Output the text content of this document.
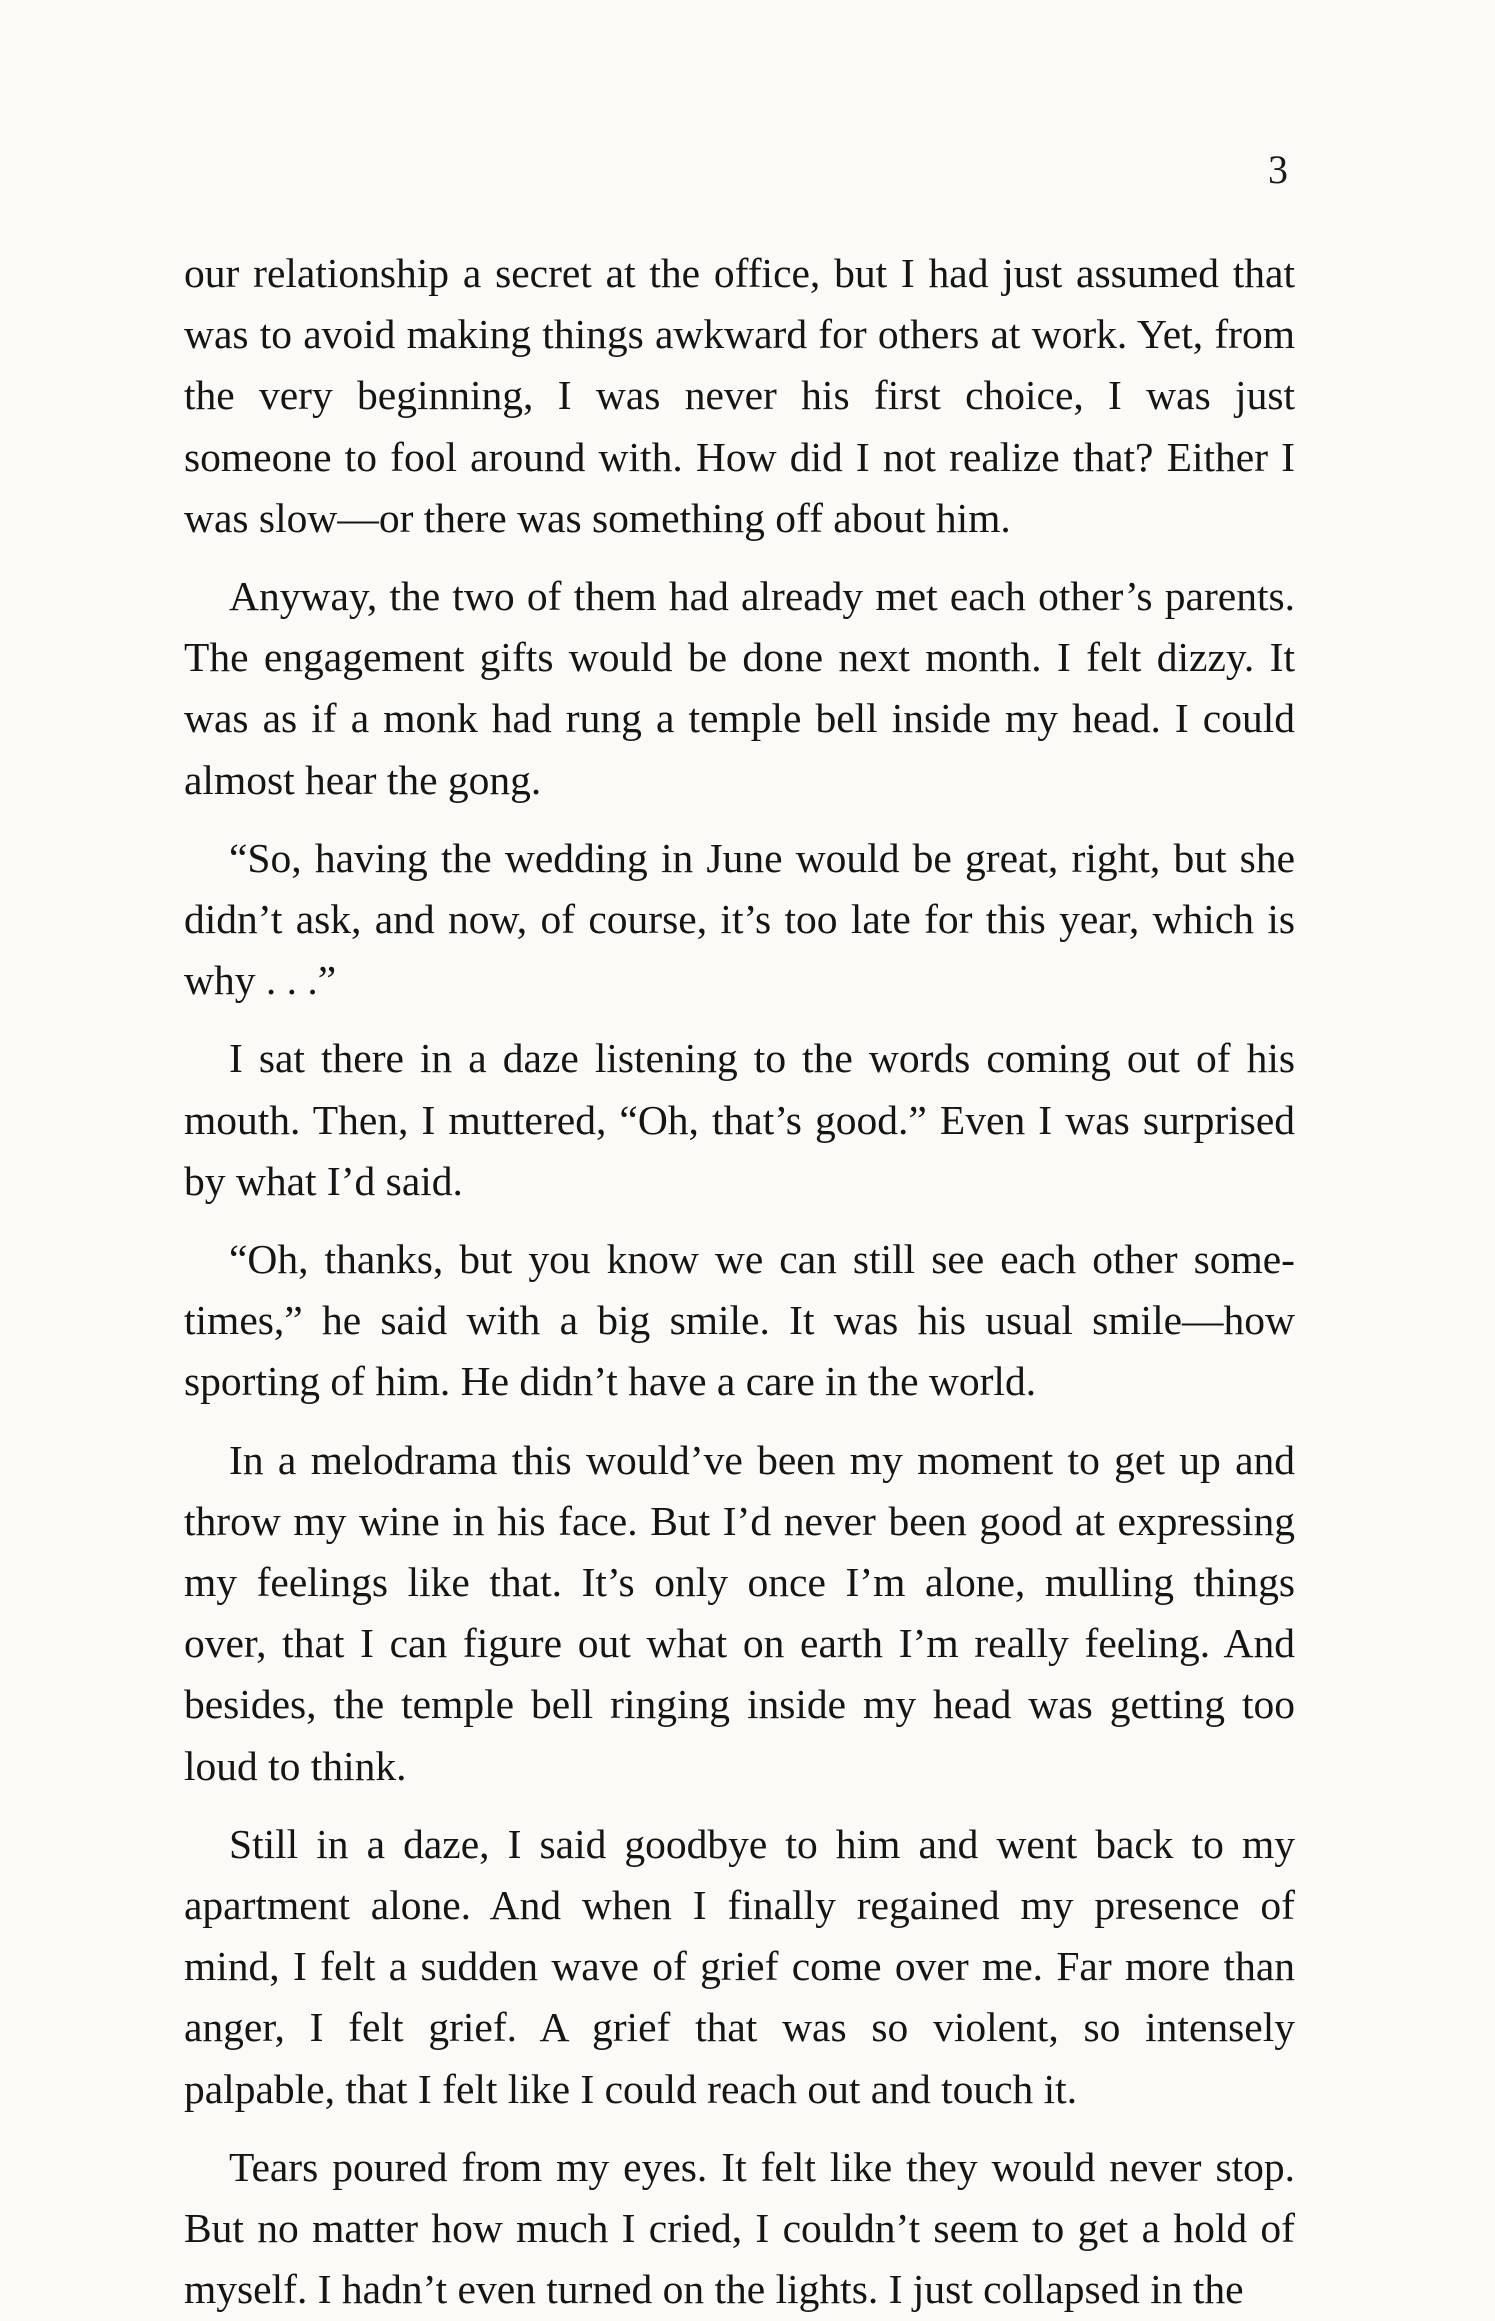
3

our relationship a secret at the office, but I had just assumed that was to avoid making things awkward for others at work. Yet, from the very beginning, I was never his first choice, I was just someone to fool around with. How did I not realize that? Either I was slow—or there was something off about him.

Anyway, the two of them had already met each other’s parents. The engagement gifts would be done next month. I felt dizzy. It was as if a monk had rung a temple bell inside my head. I could almost hear the gong.

“So, having the wedding in June would be great, right, but she didn’t ask, and now, of course, it’s too late for this year, which is why . . .”

I sat there in a daze listening to the words coming out of his mouth. Then, I muttered, “Oh, that’s good.” Even I was surprised by what I’d said.

“Oh, thanks, but you know we can still see each other sometimes,” he said with a big smile. It was his usual smile—how sporting of him. He didn’t have a care in the world.

In a melodrama this would’ve been my moment to get up and throw my wine in his face. But I’d never been good at expressing my feelings like that. It’s only once I’m alone, mulling things over, that I can figure out what on earth I’m really feeling. And besides, the temple bell ringing inside my head was getting too loud to think.

Still in a daze, I said goodbye to him and went back to my apartment alone. And when I finally regained my presence of mind, I felt a sudden wave of grief come over me. Far more than anger, I felt grief. A grief that was so violent, so intensely palpable, that I felt like I could reach out and touch it.

Tears poured from my eyes. It felt like they would never stop. But no matter how much I cried, I couldn’t seem to get a hold of myself. I hadn’t even turned on the lights. I just collapsed in the
